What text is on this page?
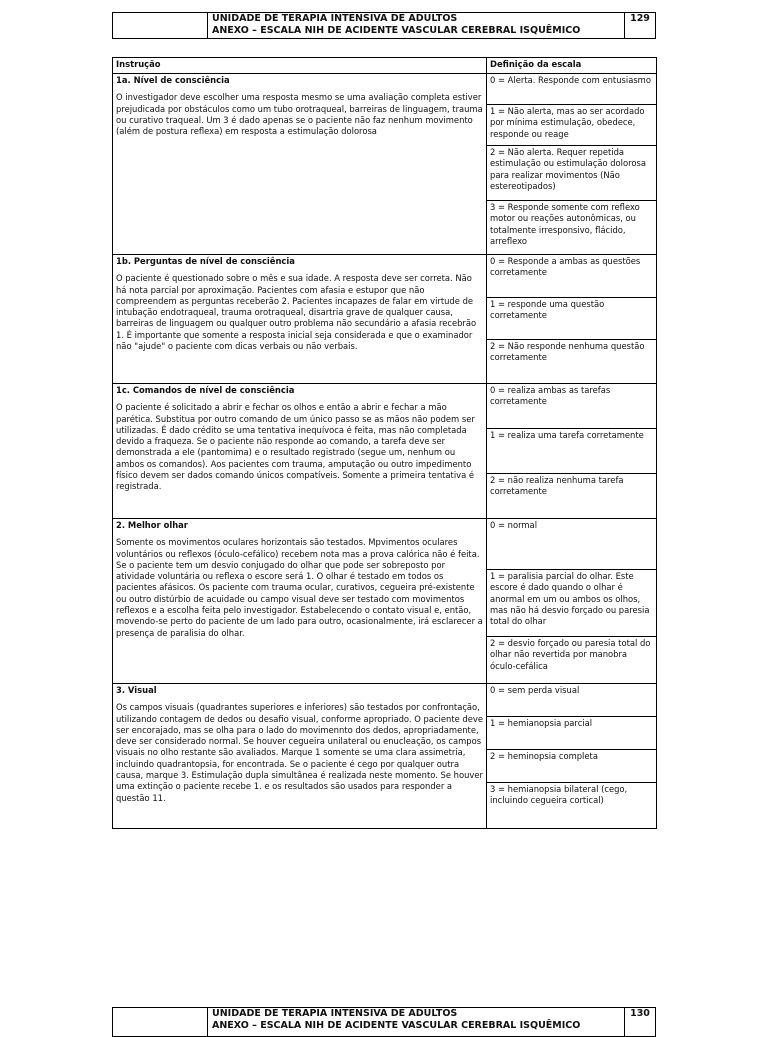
UNIDADE DE TERAPIA INTENSIVA DE ADULTOS
ANEXO – ESCALA NIH DE ACIDENTE VASCULAR CEREBRAL ISQUÊMICO
129
Instrução	Definição da escala

1a. Nível de consciência

O investigador deve escolher uma resposta mesmo se uma avaliação completa estiver prejudicada por obstáculos como um tubo orotraqueal, barreiras de linguagem, trauma ou curativo traqueal. Um 3 é dado apenas se o paciente não faz nenhum movimento (além de postura reflexa) em resposta a estimulação dolorosa	0 = Alerta. Responde com entusiasmo
	1 = Não alerta, mas ao ser acordado por mínima estimulação, obedece, responde ou reage
	2 = Não alerta. Requer repetida estimulação ou estimulação dolorosa para realizar movimentos (Não estereotipados)
	3 = Responde somente com reflexo motor ou reações autonômicas, ou totalmente irresponsivo, flácido, arreflexo

1b. Perguntas de nível de consciência

O paciente é questionado sobre o mês e sua idade. A resposta deve ser correta. Não há nota parcial por aproximação. Pacientes com afasia e estupor que não compreendem as perguntas receberão 2. Pacientes incapazes de falar em virtude de intubação endotraqueal, trauma orotraqueal, disartria grave de qualquer causa, barreiras de linguagem ou qualquer outro problema não secundário a afasia recebrão 1. É importante que somente a resposta inicial seja considerada e que o examinador não "ajude" o paciente com dicas verbais ou não verbais.	0 = Responde a ambas as questões corretamente
	1 = responde uma questão corretamente
	2 = Não responde nenhuma questão corretamente

1c. Comandos de nível de consciência

O paciente é solicitado a abrir e fechar os olhos e então a abrir e fechar a mão parética. Substitua por outro comando de um único passo se as mãos não podem ser utilizadas. É dado crédito se uma tentativa inequívoca é feita, mas não completada devido a fraqueza. Se o paciente não responde ao comando, a tarefa deve ser demonstrada a ele (pantomima) e o resultado registrado (segue um, nenhum ou ambos os comandos). Aos pacientes com trauma, amputação ou outro impedimento físico devem ser dados comando únicos compatíveis. Somente a primeira tentativa é registrada.	0 = realiza ambas as tarefas corretamente
	1 = realiza uma tarefa corretamente
	2 = não realiza nenhuma tarefa corretamente

2. Melhor olhar

Somente os movimentos oculares horizontais são testados. Mpvimentos oculares voluntários ou reflexos (óculo-cefálico) recebem nota mas a prova calórica não é feita. Se o paciente tem um desvio conjugado do olhar que pode ser sobreposto por atividade voluntária ou reflexa o escore será 1. O olhar é testado em todos os pacientes afásicos. Os paciente com trauma ocular, curativos, cegueira pré-existente ou outro distúrbio de acuidade ou campo visual deve ser testado com movimentos reflexos e a escolha feita pelo investigador. Estabelecendo o contato visual e, então, movendo-se perto do paciente de um lado para outro, ocasionalmente, irá esclarecer a presença de paralisia do olhar.	0 = normal
	1 = paralisia parcial do olhar. Este escore é dado quando o olhar é anormal em um ou ambos os olhos, mas não há desvio forçado ou paresia total do olhar
	2 = desvio forçado ou paresia total do olhar não revertida por manobra óculo-cefálica

3. Visual

Os campos visuais (quadrantes superiores e inferiores) são testados por confrontação, utilizando contagem de dedos ou desafio visual, conforme apropriado. O paciente deve ser encorajado, mas se olha para o lado do movimennto dos dedos, apropriadamente, deve ser considerado normal. Se houver cegueira unilateral ou enucleação, os campos visuais no olho restante são avaliados. Marque 1 somente se uma clara assimetria, incluindo quadrantopsia, for encontrada. Se o paciente é cego por qualquer outra causa, marque 3. Estimulação dupla simultânea é realizada neste momento. Se houver uma extinção o paciente recebe 1. e os resultados são usados para responder a questão 11.	0 = sem perda visual
	1 = hemianopsia parcial
	2 = heminopsia completa
	3 = hemianopsia bilateral (cego, incluindo cegueira cortical)
UNIDADE DE TERAPIA INTENSIVA DE ADULTOS
ANEXO – ESCALA NIH DE ACIDENTE VASCULAR CEREBRAL ISQUÊMICO
130
